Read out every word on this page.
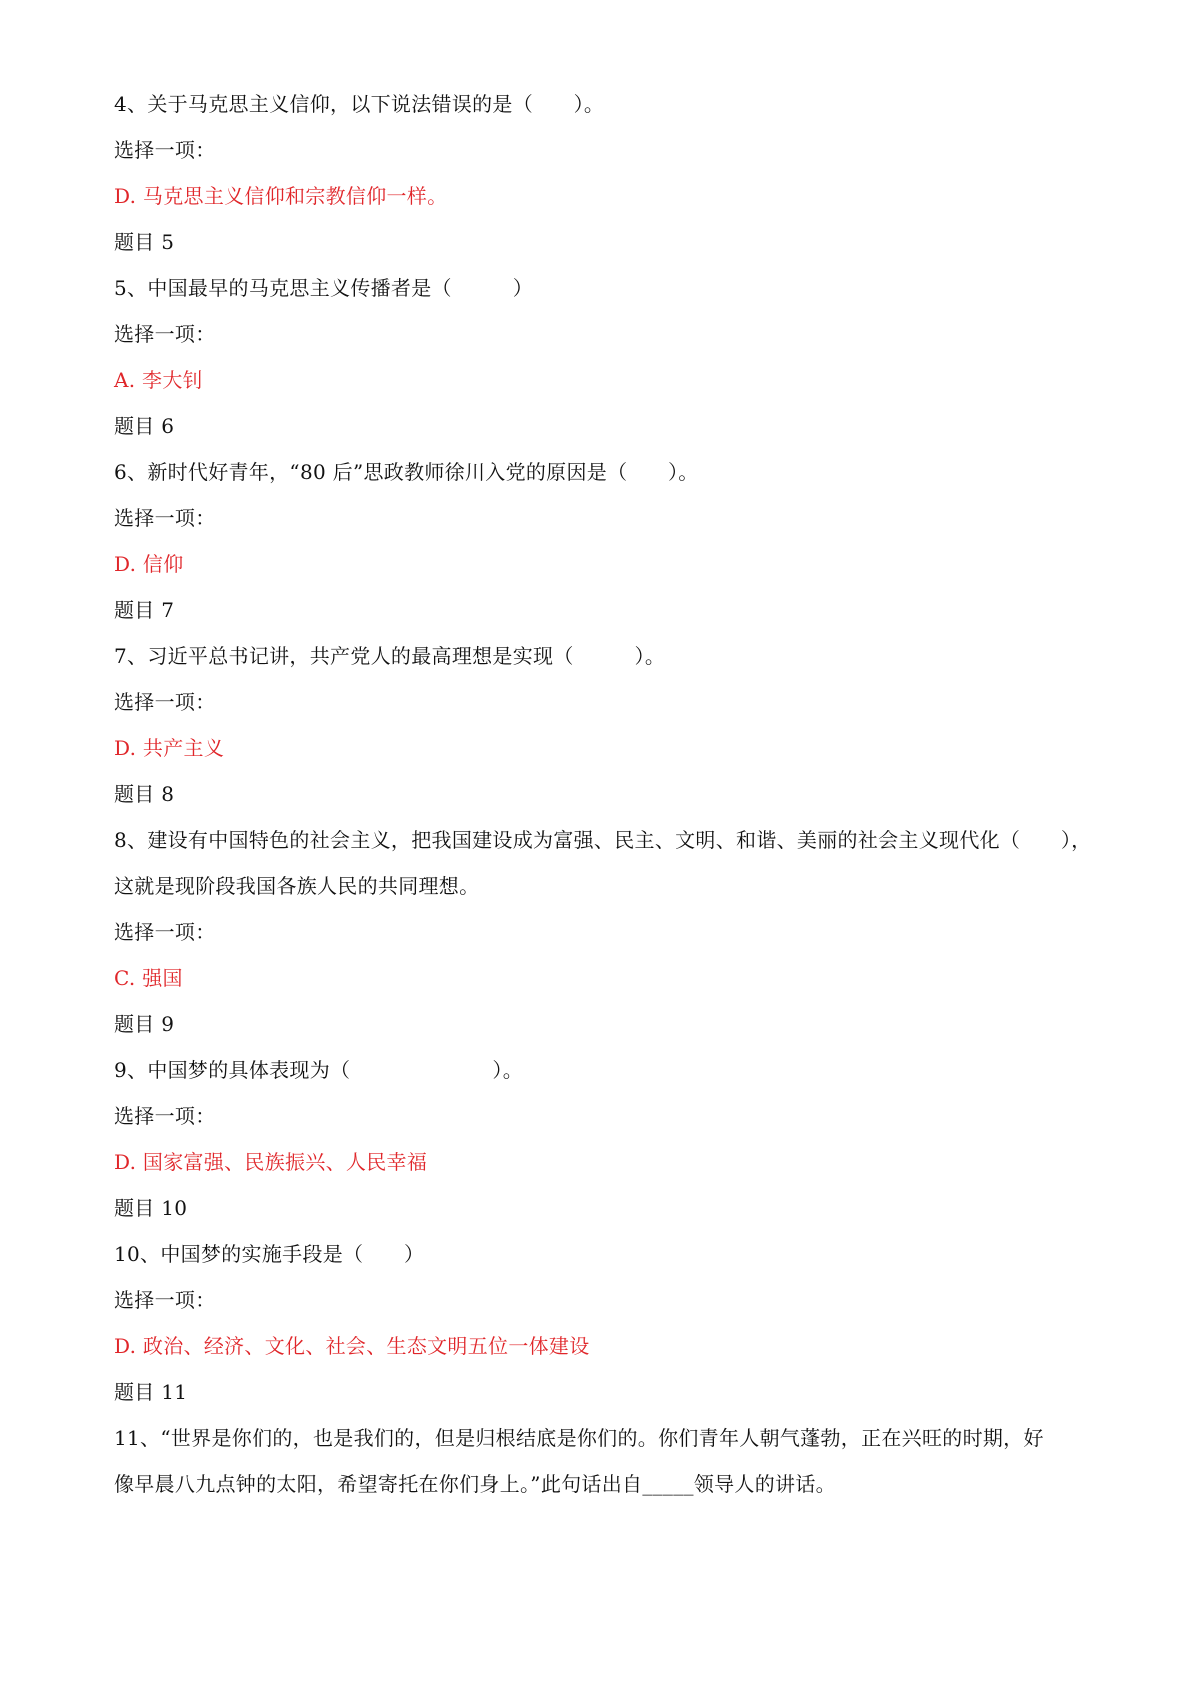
4、关于马克思主义信仰，以下说法错误的是（　　）。
选择一项：
D. 马克思主义信仰和宗教信仰一样。
题目 5
5、中国最早的马克思主义传播者是（　　　）
选择一项：
A. 李大钊
题目 6
6、新时代好青年，“80 后”思政教师徐川入党的原因是（　　）。
选择一项：
D. 信仰
题目 7
7、习近平总书记讲，共产党人的最高理想是实现（　　　）。
选择一项：
D. 共产主义
题目 8
8、建设有中国特色的社会主义，把我国建设成为富强、民主、文明、和谐、美丽的社会主义现代化（　　），
这就是现阶段我国各族人民的共同理想。
选择一项：
C. 强国
题目 9
9、中国梦的具体表现为（　　　　　　　）。
选择一项：
D. 国家富强、民族振兴、人民幸福
题目 10
10、中国梦的实施手段是（　　）
选择一项：
D. 政治、经济、文化、社会、生态文明五位一体建设
题目 11
11、“世界是你们的，也是我们的，但是归根结底是你们的。你们青年人朝气蓬勃，正在兴旺的时期，好
像早晨八九点钟的太阳，希望寄托在你们身上。”此句话出自_____领导人的讲话。
